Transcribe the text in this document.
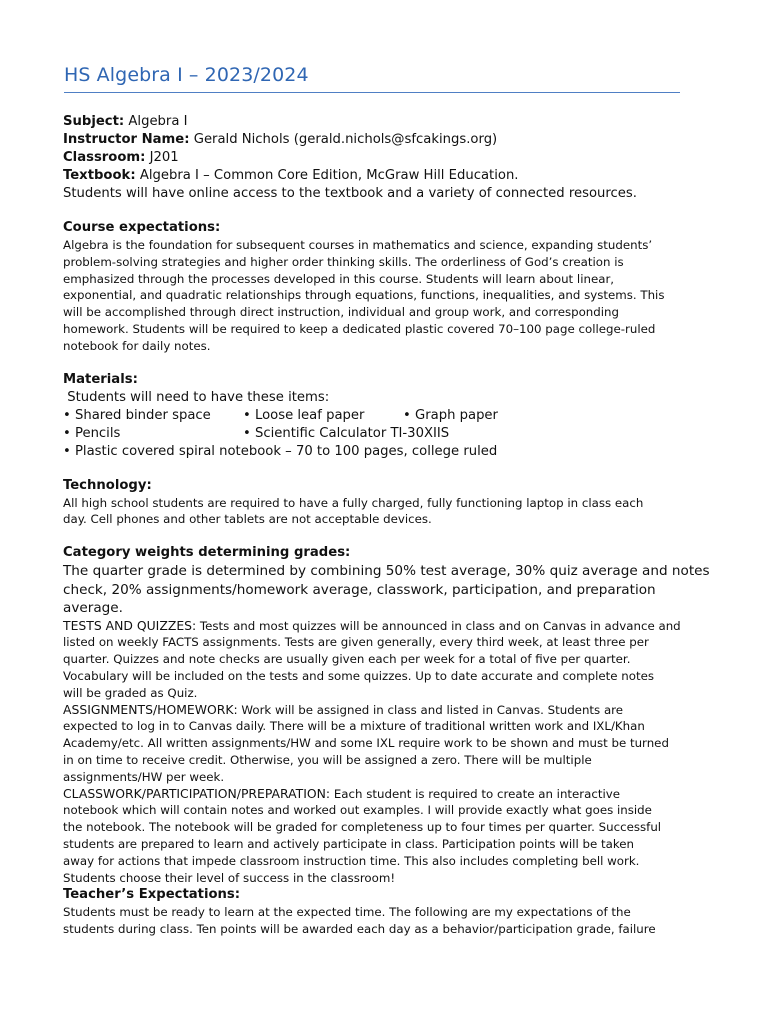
HS Algebra I – 2023/2024
Subject: Algebra I
Instructor Name: Gerald Nichols (gerald.nichols@sfcakings.org)
Classroom: J201
Textbook: Algebra I – Common Core Edition, McGraw Hill Education.
Students will have online access to the textbook and a variety of connected resources.
Course expectations:
Algebra is the foundation for subsequent courses in mathematics and science, expanding students’
problem-solving strategies and higher order thinking skills. The orderliness of God’s creation is
emphasized through the processes developed in this course. Students will learn about linear,
exponential, and quadratic relationships through equations, functions, inequalities, and systems. This
will be accomplished through direct instruction, individual and group work, and corresponding
homework. Students will be required to keep a dedicated plastic covered 70–100 page college-ruled
notebook for daily notes.
Materials:
Students will need to have these items:
• Shared binder space	• Loose leaf paper	• Graph paper
• Pencils	• Scientific Calculator TI-30XIIS
• Plastic covered spiral notebook – 70 to 100 pages, college ruled
Technology:
All high school students are required to have a fully charged, fully functioning laptop in class each
day. Cell phones and other tablets are not acceptable devices.
Category weights determining grades:
The quarter grade is determined by combining 50% test average, 30% quiz average and notes
check, 20% assignments/homework average, classwork, participation, and preparation
average.
TESTS AND QUIZZES: Tests and most quizzes will be announced in class and on Canvas in advance and
listed on weekly FACTS assignments. Tests are given generally, every third week, at least three per
quarter. Quizzes and note checks are usually given each per week for a total of five per quarter.
Vocabulary will be included on the tests and some quizzes. Up to date accurate and complete notes
will be graded as Quiz.
ASSIGNMENTS/HOMEWORK: Work will be assigned in class and listed in Canvas. Students are
expected to log in to Canvas daily. There will be a mixture of traditional written work and IXL/Khan
Academy/etc. All written assignments/HW and some IXL require work to be shown and must be turned
in on time to receive credit. Otherwise, you will be assigned a zero. There will be multiple
assignments/HW per week.
CLASSWORK/PARTICIPATION/PREPARATION: Each student is required to create an interactive
notebook which will contain notes and worked out examples. I will provide exactly what goes inside
the notebook. The notebook will be graded for completeness up to four times per quarter. Successful
students are prepared to learn and actively participate in class. Participation points will be taken
away for actions that impede classroom instruction time. This also includes completing bell work.
Students choose their level of success in the classroom!
Teacher’s Expectations:
Students must be ready to learn at the expected time. The following are my expectations of the
students during class. Ten points will be awarded each day as a behavior/participation grade, failure
